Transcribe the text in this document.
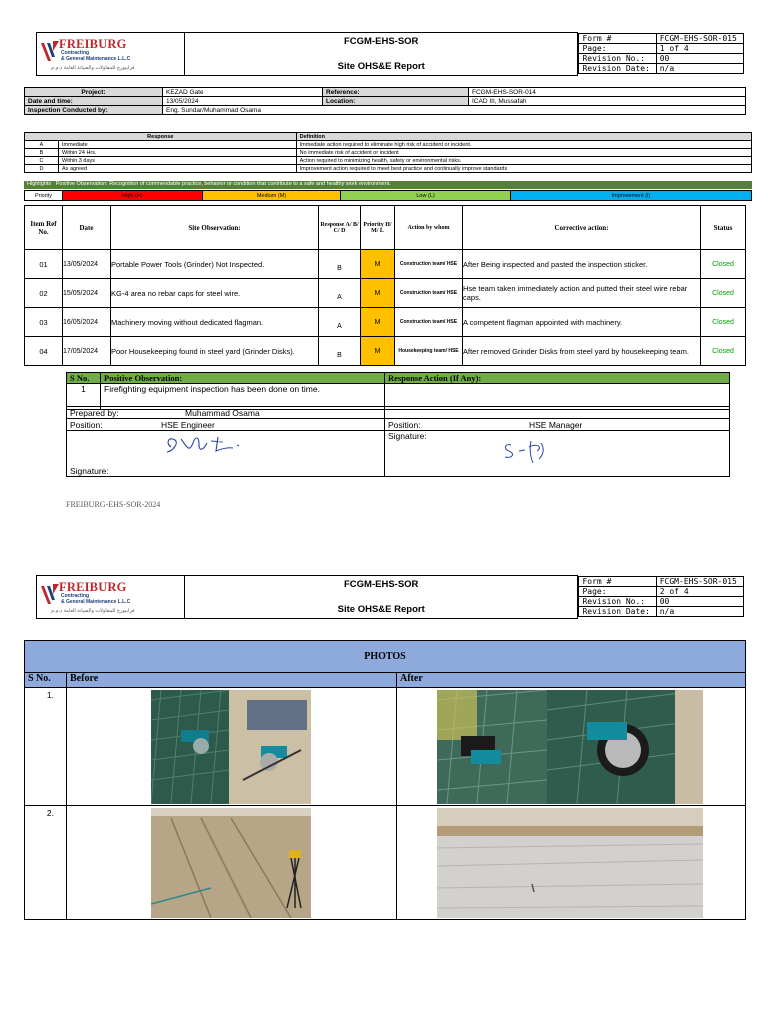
FREIBURG
Contracting
& General Maintenance L.L.C
فرايبورج للمقاولات والصيانة العامة ذ.م.م

FCGM-EHS-SOR
Site OHS&E Report

Form #	FCGM-EHS-SOR-015
Page:	1 of 4
Revision No.:	00
Revision Date:	n/a
Project:	KEZAD Gate	Reference:	FCGM-EHS-SOR-014
Date and time:	13/05/2024	Location:	ICAD III, Mussafah
Inspection Conducted by:	Eng. Sundar/Muhammad Osama		
Response		Definition
A	Immediate	Immediate action required to eliminate high risk of accident or incident.
B	Within 24 Hrs.	No immediate risk of accident or incident
C	Within 3 days	Action required to minimizing health, safety or environmental risks.
D	As agreed	Improvement action required to meet best practice and continually improve standards
Highlights Positive Observation: Recognition of commendable practice, behavior or condition that contribute to a safe and healthy work environment.
Priority	High (H)	Medium (M)	Low (L)	Improvement (I)
Item Ref No.	Date	Site Observation:	Response A/ B/ C/ D	Priority H/ M/ L	Action by whom	Corrective action:	Status
01	13/05/2024	Portable Power Tools (Grinder) Not Inspected.	B	M	Construction team/ HSE	After Being inspected and pasted the inspection sticker.	Closed
02	15/05/2024	KG-4 area no rebar caps for steel wire.	A	M	Construction team/ HSE	Hse team taken immediately action and putted their steel wire rebar caps.	Closed
03	16/05/2024	Machinery moving without dedicated flagman.	A	M	Construction team/ HSE	A competent flagman appointed with machinery.	Closed
04	17/05/2024	Poor Housekeeping found in steel yard (Grinder Disks).	B	M	Housekeeping team/ HSE	After removed Grinder Disks from steel yard by housekeeping team.	Closed
S No.	Positive Observation:	Response Action (If Any):
1	Firefighting equipment inspection has been done on time.	
Prepared by: Muhammad Osama	
Position: HSE Engineer	Position: HSE Manager

Signature:	Signature:
FREIBURG-EHS-SOR-2024
FREIBURG
Contracting
& General Maintenance L.L.C
فرايبورج للمقاولات والصيانة العامة ذ.م.م

FCGM-EHS-SOR
Site OHS&E Report

Form #	FCGM-EHS-SOR-015
Page:	2 of 4
Revision No.:	00
Revision Date:	n/a
PHOTOS		
S No.	Before	After
1.	

2.	
